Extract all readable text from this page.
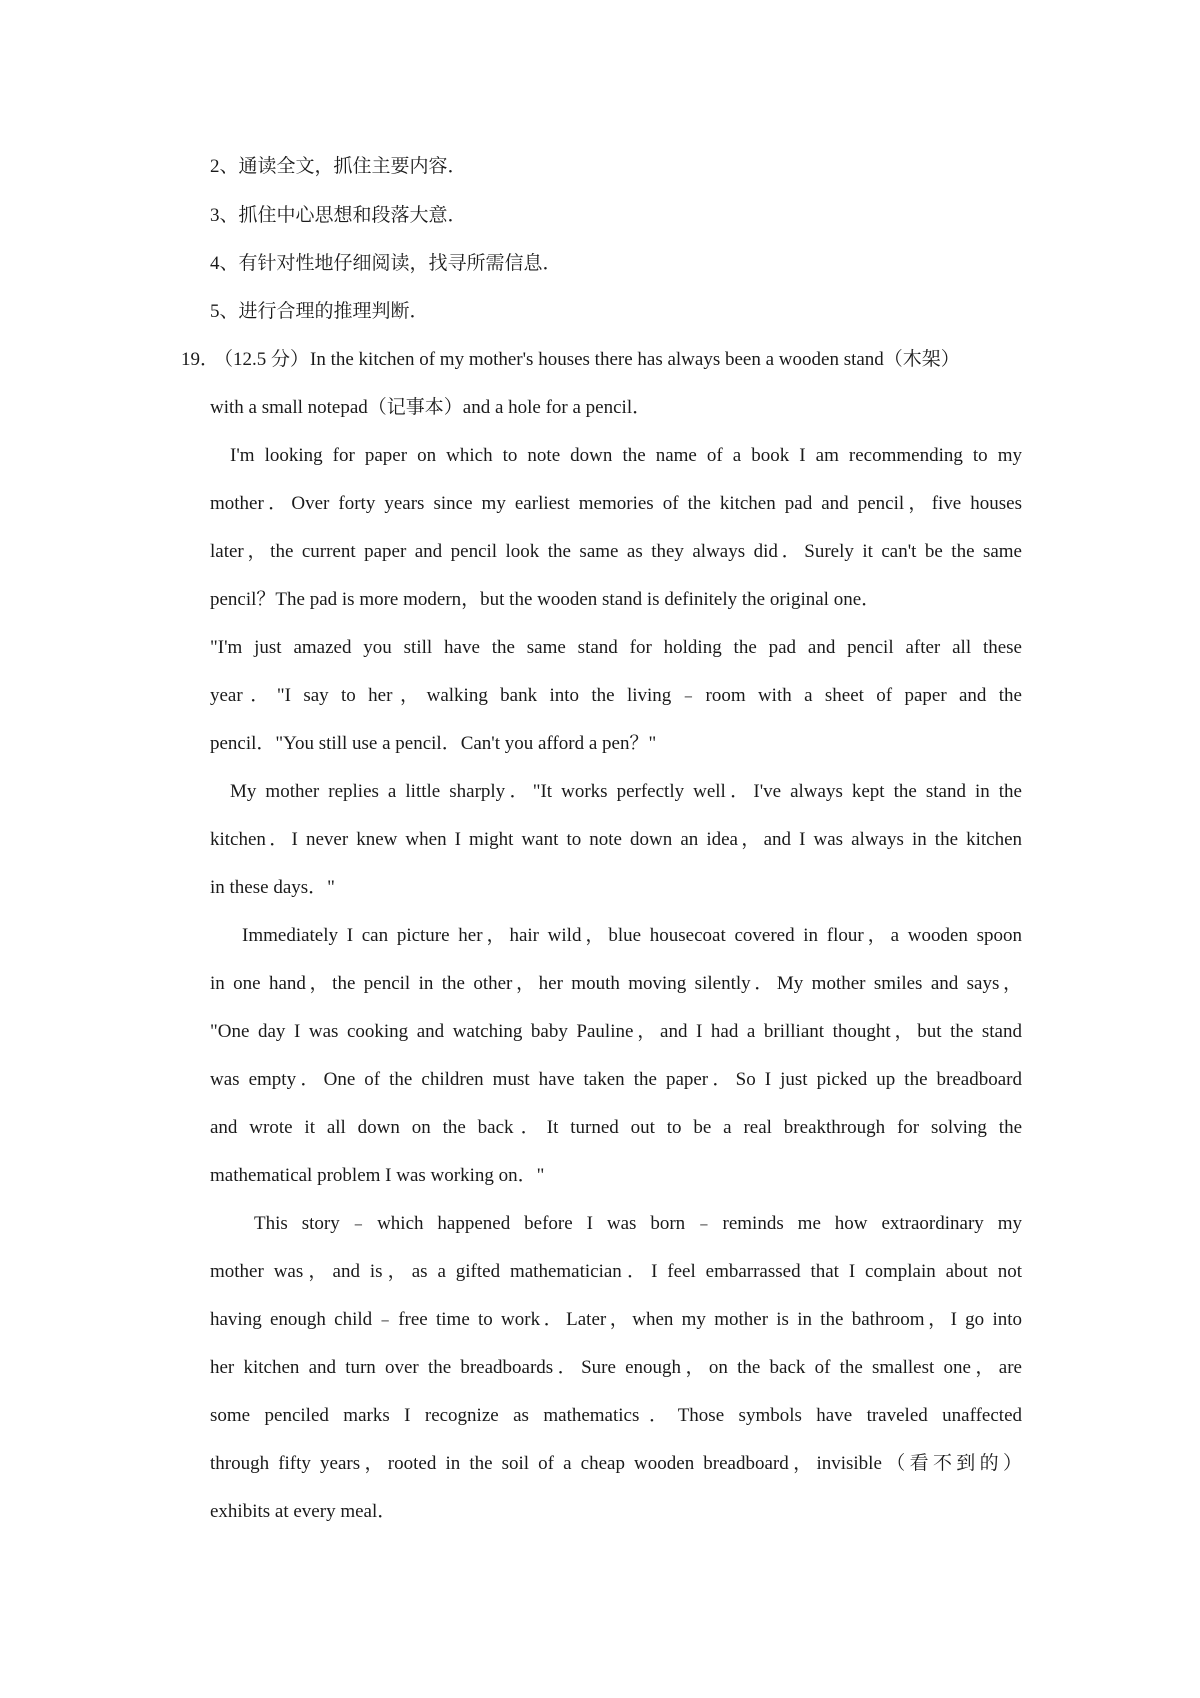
2、通读全文，抓住主要内容．
3、抓住中心思想和段落大意．
4、有针对性地仔细阅读，找寻所需信息．
5、进行合理的推理判断．
19．
（12.5 分） In the kitchen of my mother's houses there has always been a wooden stand（木架）
with a small notepad（记事本）and a hole for a pencil．
I'm looking for paper on which to note down the name of a book I am recommending to my
mother．Over forty years since my earliest memories of the kitchen pad and pencil，five houses
later，the current paper and pencil look the same as they always did．Surely it can't be the same
pencil？The pad is more modern，but the wooden stand is definitely the original one．
"I'm just amazed you still have the same stand for holding the pad and pencil after all these
year．"I say to her，walking bank into the living﹣room with a sheet of paper and the
pencil．"You still use a pencil．Can't you afford a pen？"
My mother replies a little sharply．"It works perfectly well．I've always kept the stand in the
kitchen．I never knew when I might want to note down an idea，and I was always in the kitchen
in these days．"
Immediately I can picture her，hair wild，blue housecoat covered in flour，a wooden spoon
in one hand，the pencil in the other，her mouth moving silently．My mother smiles and says，
"One day I was cooking and watching baby Pauline，and I had a brilliant thought，but the stand
was empty．One of the children must have taken the paper．So I just picked up the breadboard
and wrote it all down on the back．It turned out to be a real breakthrough for solving the
mathematical problem I was working on．"
This story﹣which happened before I was born﹣reminds me how extraordinary my
mother was，and is，as a gifted mathematician．I feel embarrassed that I complain about not
having enough child﹣free time to work．Later，when my mother is in the bathroom，I go into
her kitchen and turn over the breadboards．Sure enough，on the back of the smallest one，are
some penciled marks I recognize as mathematics．Those symbols have traveled unaffected
through fifty years，rooted in the soil of a cheap wooden breadboard，invisible（看不到的）
exhibits at every meal．
